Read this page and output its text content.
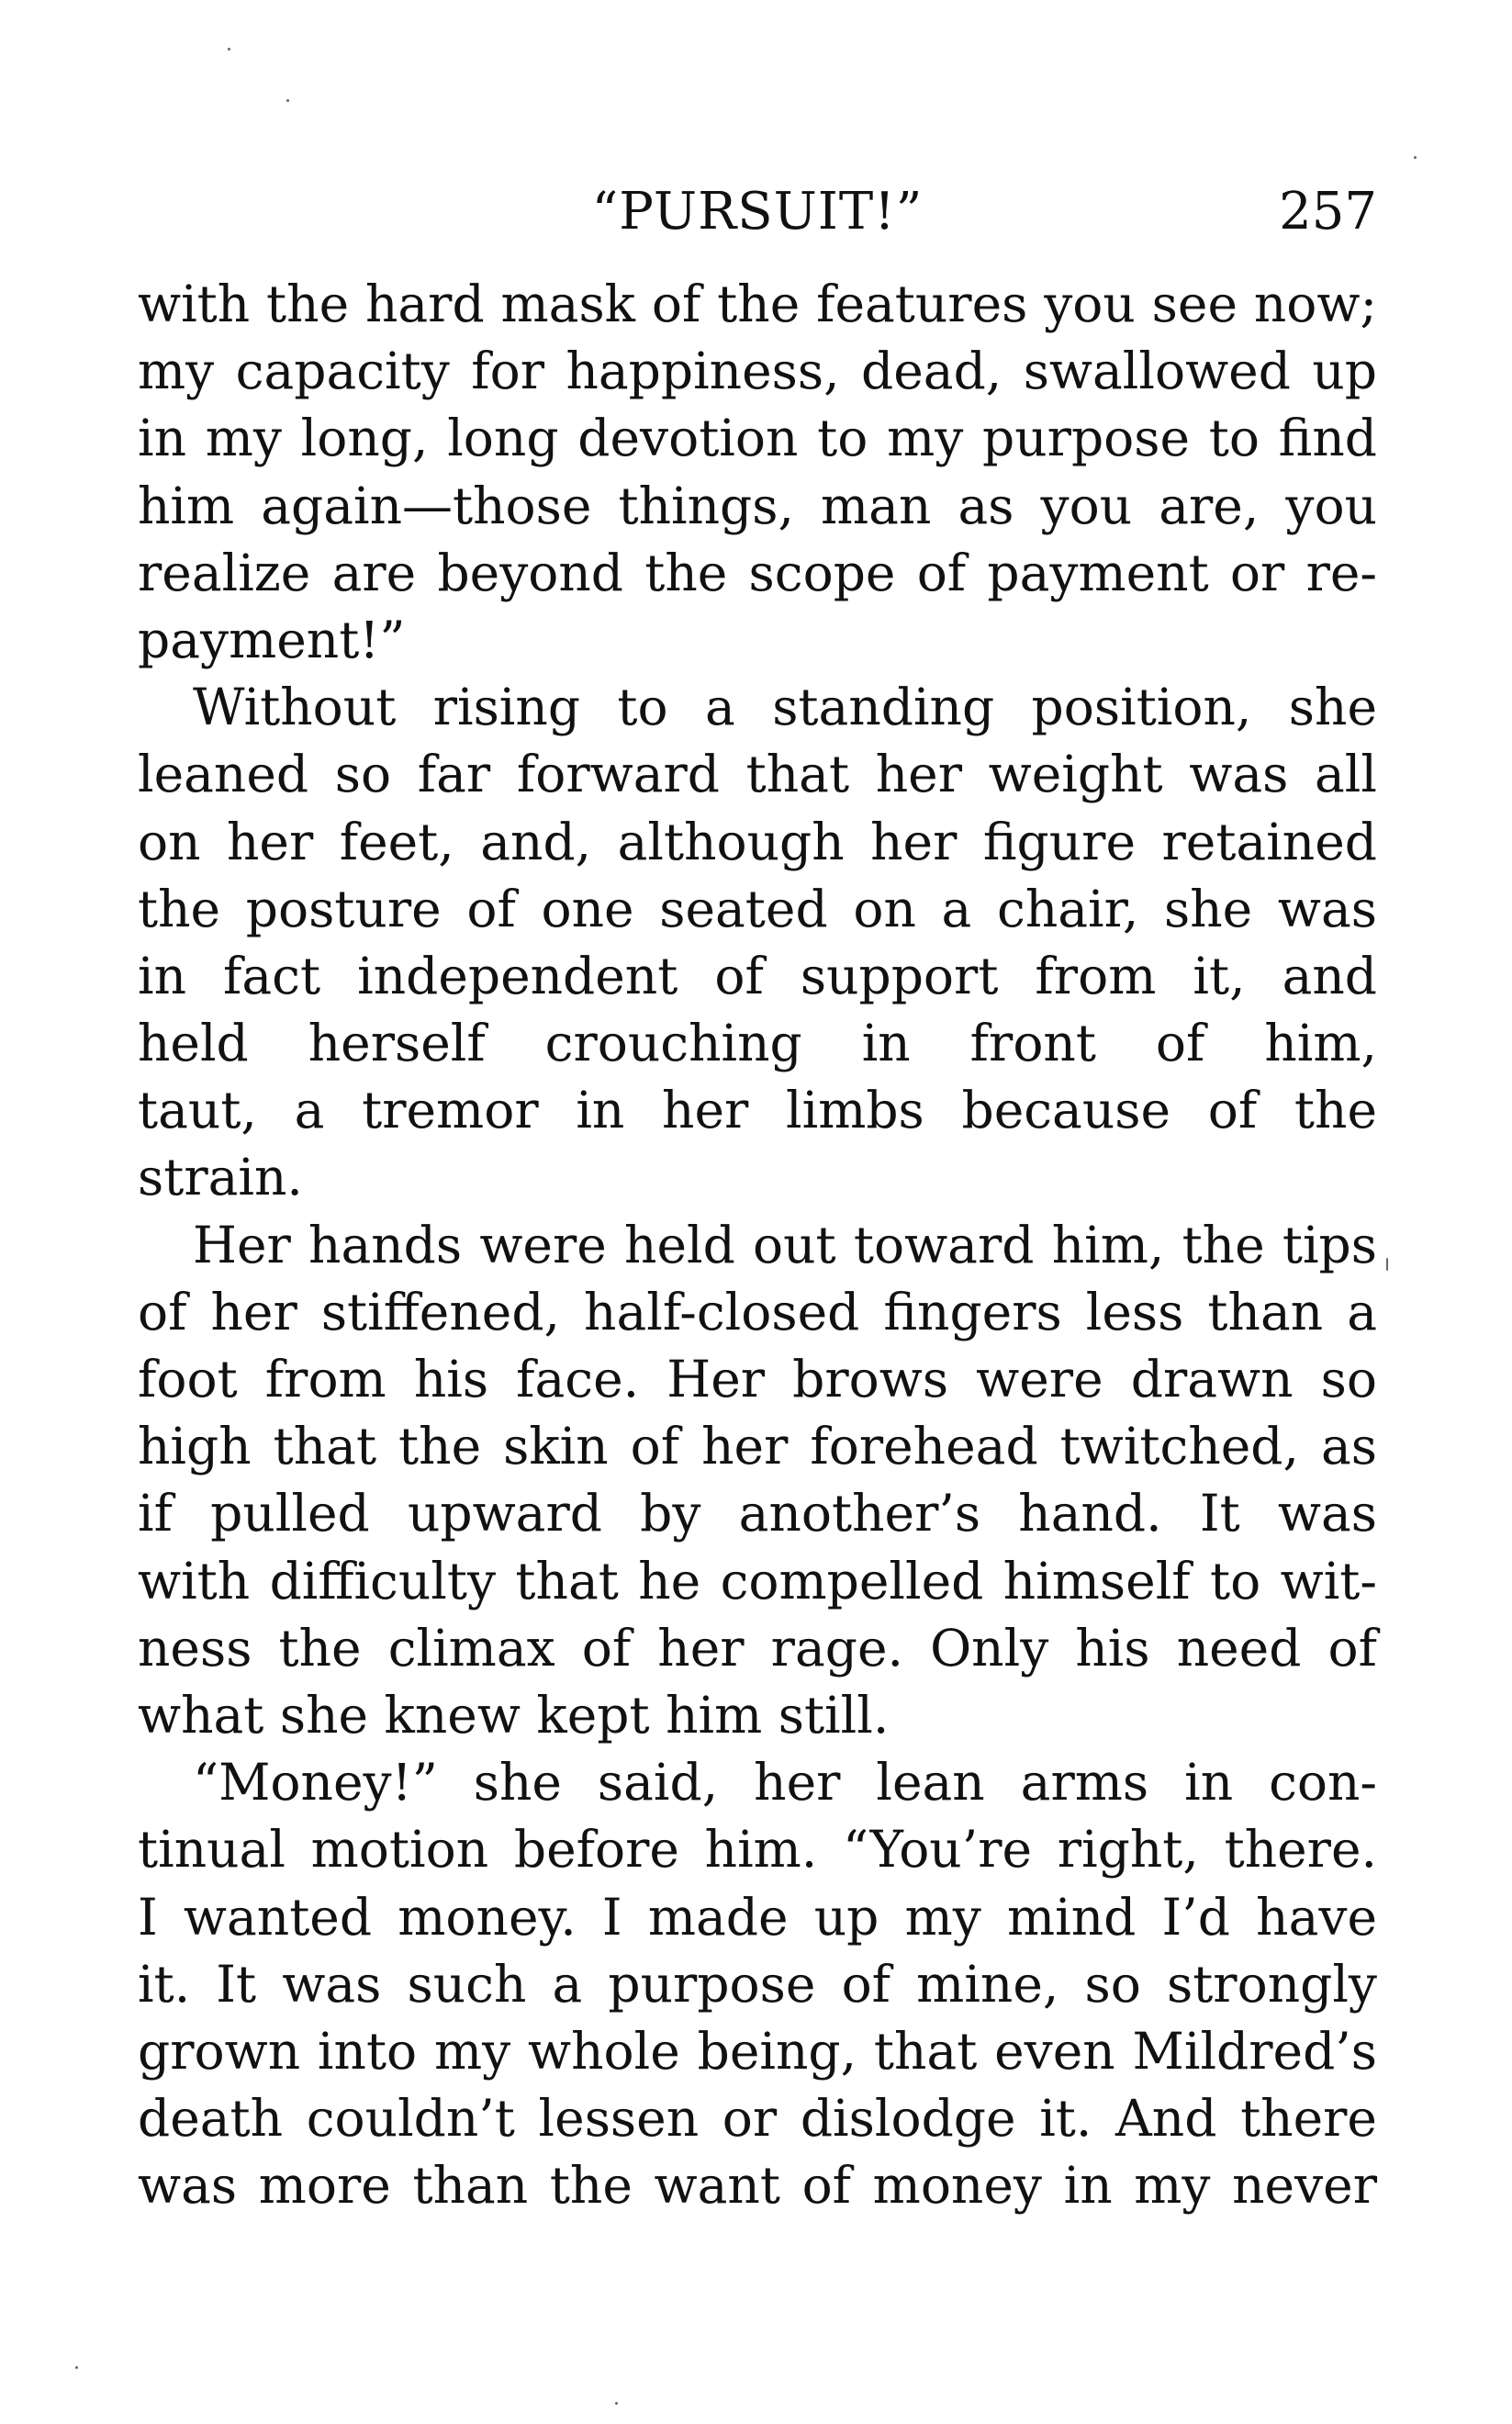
“PURSUIT!”	257
with the hard mask of the features you see now;
my capacity for happiness, dead, swallowed up
in my long, long devotion to my purpose to find
him again—those things, man as you are, you
realize are beyond the scope of payment or re-
payment!”
Without rising to a standing position, she
leaned so far forward that her weight was all
on her feet, and, although her figure retained
the posture of one seated on a chair, she was
in fact independent of support from it, and
held herself crouching in front of him,
taut, a tremor in her limbs because of the
strain.
Her hands were held out toward him, the tips
of her stiffened, half-closed fingers less than a
foot from his face. Her brows were drawn so
high that the skin of her forehead twitched, as
if pulled upward by another’s hand. It was
with difficulty that he compelled himself to wit-
ness the climax of her rage. Only his need of
what she knew kept him still.
“Money!” she said, her lean arms in con-
tinual motion before him. “You’re right, there.
I wanted money. I made up my mind I’d have
it. It was such a purpose of mine, so strongly
grown into my whole being, that even Mildred’s
death couldn’t lessen or dislodge it. And there
was more than the want of money in my never
